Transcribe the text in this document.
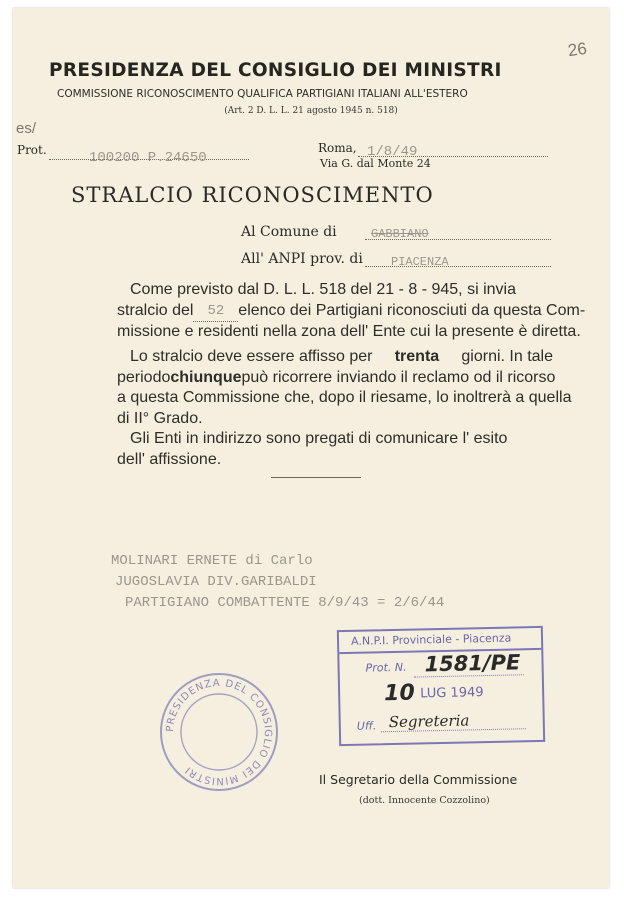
26
PRESIDENZA DEL CONSIGLIO DEI MINISTRI
COMMISSIONE RICONOSCIMENTO QUALIFICA PARTIGIANI ITALIANI ALL'ESTERO
(Art. 2 D. L. L. 21 agosto 1945 n. 518)
es/
Prot.	100200 P.24650
Roma, 1/8/49
Via G. dal Monte 24
STRALCIO RICONOSCIMENTO
Al Comune di	GABBIANO
All' ANPI prov. di PIACENZA
Come previsto dal D. L. L. 518 del 21 - 8 - 945, si invia
stralcio del	52 elenco dei Partigiani riconosciuti da questa Com-
missione e residenti nella zona dell' Ente cui la presente è diretta.
Lo stralcio deve essere affisso per trenta giorni. In tale
periodo chiunque può ricorrere inviando il reclamo od il ricorso
a questa Commissione che, dopo il riesame, lo inoltrerà a quella
di II° Grado.
Gli Enti in indirizzo sono pregati di comunicare l' esito
dell' affissione.
MOLINARI ERNETE di Carlo
JUGOSLAVIA DIV.GARIBALDI
PARTIGIANO COMBATTENTE 8/9/43 = 2/6/44
PRESIDENZA DEL CONSIGLIO DEI MINISTRI
A.N.P.I. Provinciale - Piacenza
Prot. N. 1581/PE
10 LUG 1949
Uff. Segreteria
Il Segretario della Commissione
(dott. Innocente Cozzolino)
